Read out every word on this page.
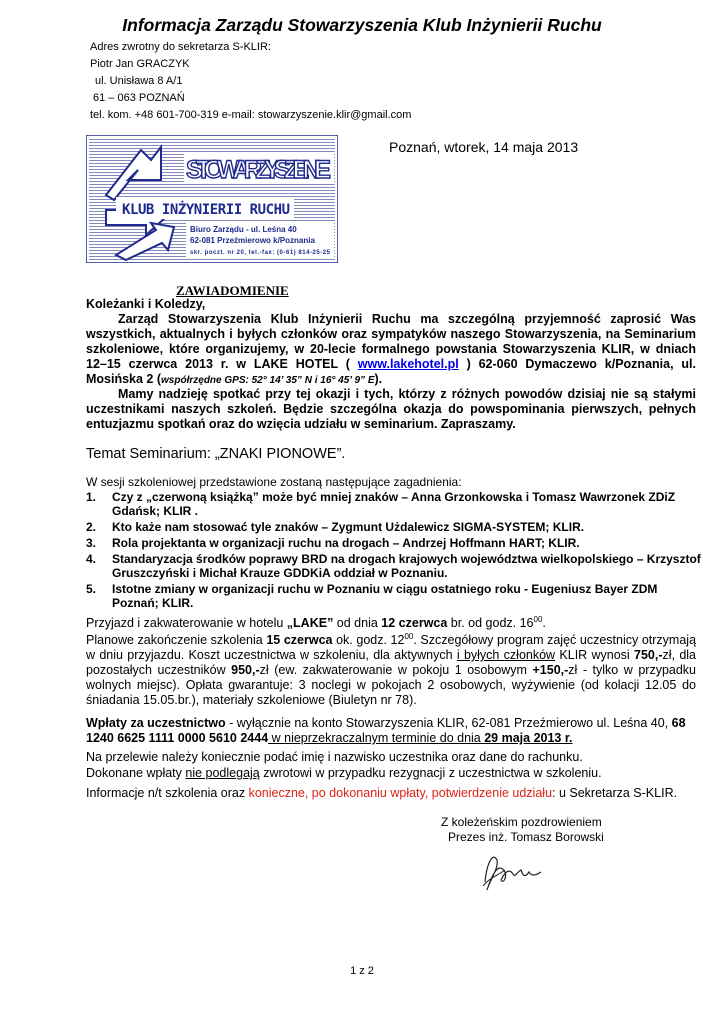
Informacja Zarządu Stowarzyszenia Klub Inżynierii Ruchu
Adres zwrotny do sekretarza S-KLIR:
Piotr Jan GRACZYK
ul. Unisława 8 A/1
61 – 063 POZNAŃ
tel. kom. +48 601-700-319 e-mail: stowarzyszenie.klir@gmail.com
Poznań, wtorek, 14 maja 2013
STOWARZYSZENIE
KLUB INŻYNIERII RUCHU
Biuro Zarządu - ul. Leśna 40
62-081 Przeźmierowo k/Poznania
skr. poczt. nr 20, tel.-fax: (0-61) 814-25-25
ZAWIADOMIENIE
Koleżanki i Koledzy,
Zarząd Stowarzyszenia Klub Inżynierii Ruchu ma szczególną przyjemność zaprosić Was wszystkich, aktualnych i byłych członków oraz sympatyków naszego Stowarzyszenia, na Seminarium szkoleniowe, które organizujemy, w 20-lecie formalnego powstania Stowarzyszenia KLIR, w dniach 12–15 czerwca 2013 r. w LAKE HOTEL ( www.lakehotel.pl ) 62-060 Dymaczewo k/Poznania, ul. Mosińska 2 (współrzędne GPS: 52° 14’ 35” N i 16° 45’ 9” E).
Mamy nadzieję spotkać przy tej okazji i tych, którzy z różnych powodów dzisiaj nie są stałymi uczestnikami naszych szkoleń. Będzie szczególna okazja do powspominania pierwszych, pełnych entuzjazmu spotkań oraz do wzięcia udziału w seminarium. Zapraszamy.
Temat Seminarium: „ZNAKI PIONOWE”.
W sesji szkoleniowej przedstawione zostaną następujące zagadnienia:
1. Czy z „czerwoną książką” może być mniej znaków – Anna Grzonkowska i Tomasz Wawrzonek ZDiZ Gdańsk; KLIR .
2. Kto każe nam stosować tyle znaków – Zygmunt Użdalewicz SIGMA-SYSTEM; KLIR.
3. Rola projektanta w organizacji ruchu na drogach – Andrzej Hoffmann HART; KLIR.
4. Standaryzacja środków poprawy BRD na drogach krajowych województwa wielkopolskiego – Krzysztof Gruszczyński i Michał Krauze GDDKiA oddział w Poznaniu.
5. Istotne zmiany w organizacji ruchu w Poznaniu w ciągu ostatniego roku - Eugeniusz Bayer ZDM Poznań; KLIR.
Przyjazd i zakwaterowanie w hotelu „LAKE” od dnia 12 czerwca br. od godz. $16^{00}$.
Planowe zakończenie szkolenia 15 czerwca ok. godz. $12^{00}$. Szczegółowy program zajęć uczestnicy otrzymają w dniu przyjazdu. Koszt uczestnictwa w szkoleniu, dla aktywnych i byłych członków KLIR wynosi 750,-zł, dla pozostałych uczestników 950,-zł (ew. zakwaterowanie w pokoju 1 osobowym +150,-zł - tylko w przypadku wolnych miejsc). Opłata gwarantuje: 3 noclegi w pokojach 2 osobowych, wyżywienie (od kolacji 12.05 do śniadania 15.05.br.), materiały szkoleniowe (Biuletyn nr 78).
Wpłaty za uczestnictwo - wyłącznie na konto Stowarzyszenia KLIR, 62-081 Przeźmierowo ul. Leśna 40, 68 1240 6625 1111 0000 5610 2444 w nieprzekraczalnym terminie do dnia 29 maja 2013 r.
Na przelewie należy koniecznie podać imię i nazwisko uczestnika oraz dane do rachunku.
Dokonane wpłaty nie podlegają zwrotowi w przypadku rezygnacji z uczestnictwa w szkoleniu.
Informacje n/t szkolenia oraz konieczne, po dokonaniu wpłaty, potwierdzenie udziału: u Sekretarza S-KLIR.
Z koleżeńskim pozdrowieniem
Prezes inż. Tomasz Borowski
1 z 2
